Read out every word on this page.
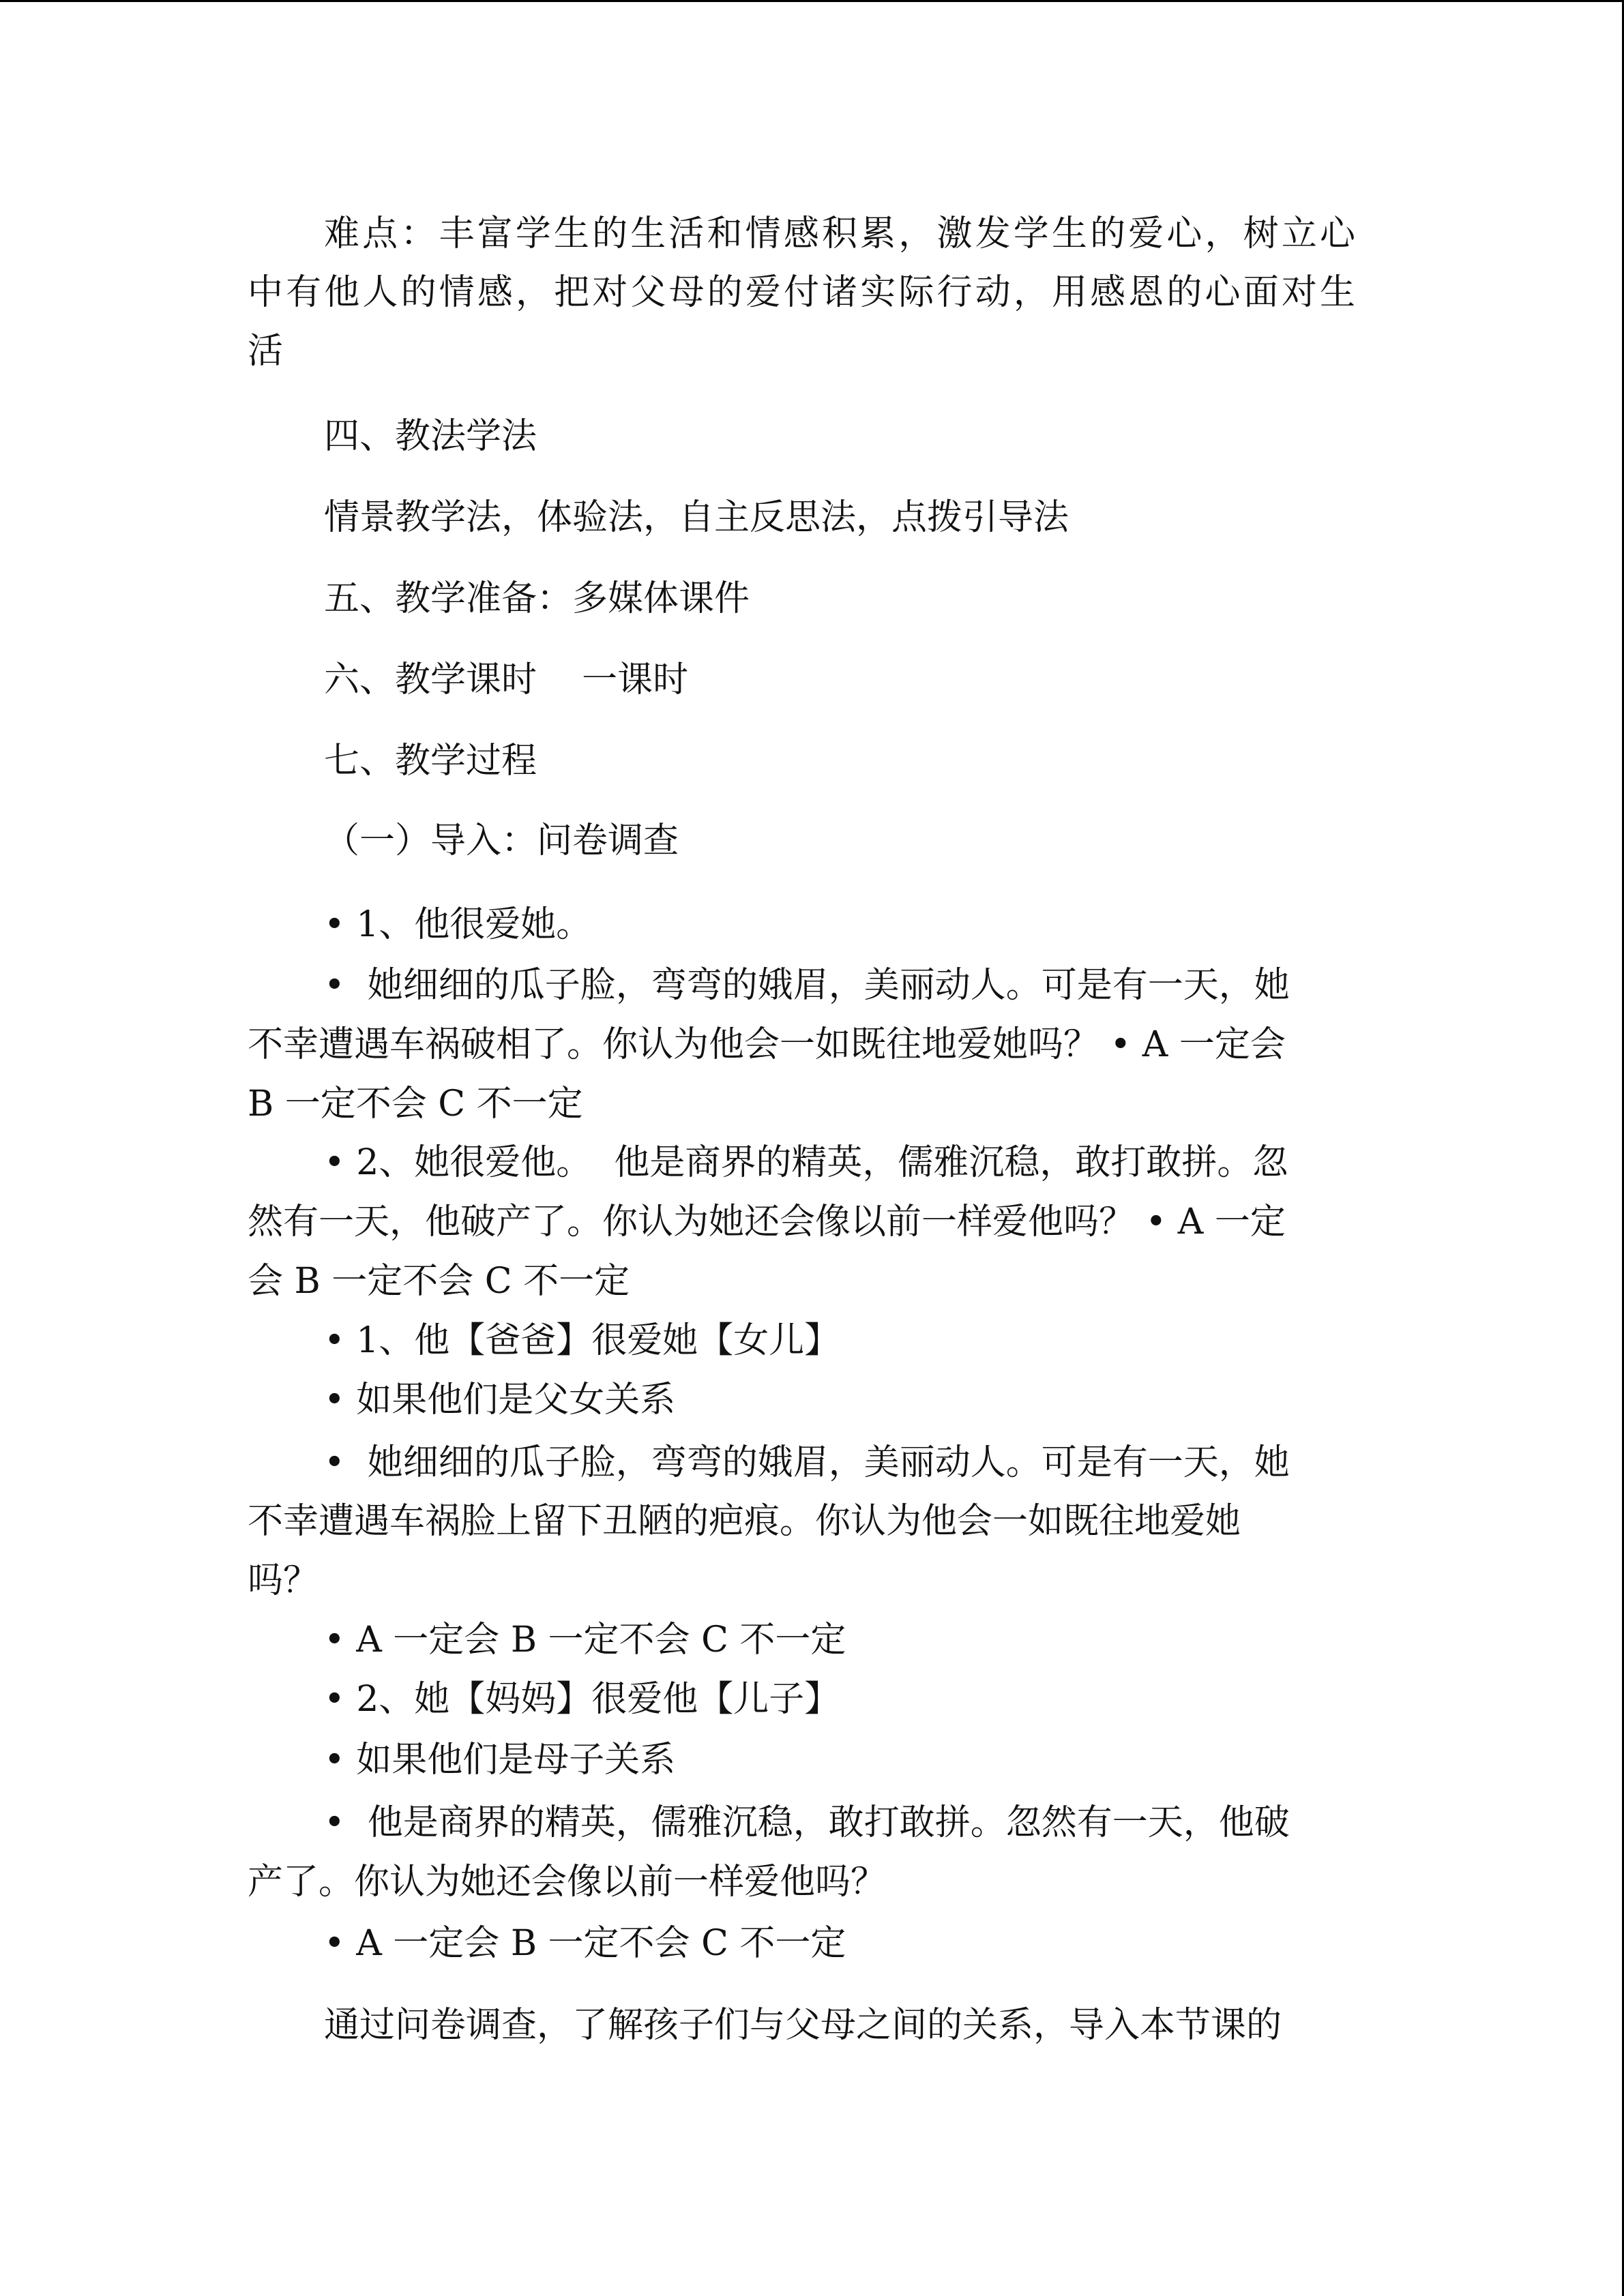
难点：丰富学生的生活和情感积累，激发学生的爱心，树立心
中有他人的情感，把对父母的爱付诸实际行动，用感恩的心面对生
活
四、教法学法
情景教学法，体验法，自主反思法，点拨引导法
五、教学准备：多媒体课件
六、教学课时    一课时
七、教学过程
（一）导入：问卷调查
• 1、他很爱她。
•  她细细的瓜子脸，弯弯的娥眉，美丽动人。可是有一天，她
不幸遭遇车祸破相了。你认为他会一如既往地爱她吗？ • A 一定会
B 一定不会 C 不一定
• 2、她很爱他。  他是商界的精英，儒雅沉稳，敢打敢拼。忽
然有一天，他破产了。你认为她还会像以前一样爱他吗？ • A 一定
会 B 一定不会 C 不一定
• 1、他【爸爸】很爱她【女儿】
• 如果他们是父女关系
•  她细细的瓜子脸，弯弯的娥眉，美丽动人。可是有一天，她
不幸遭遇车祸脸上留下丑陋的疤痕。你认为他会一如既往地爱她
吗？
• A 一定会 B 一定不会 C 不一定
• 2、她【妈妈】很爱他【儿子】
• 如果他们是母子关系
•  他是商界的精英，儒雅沉稳，敢打敢拼。忽然有一天，他破
产了。你认为她还会像以前一样爱他吗？
• A 一定会 B 一定不会 C 不一定
通过问卷调查，了解孩子们与父母之间的关系，导入本节课的
